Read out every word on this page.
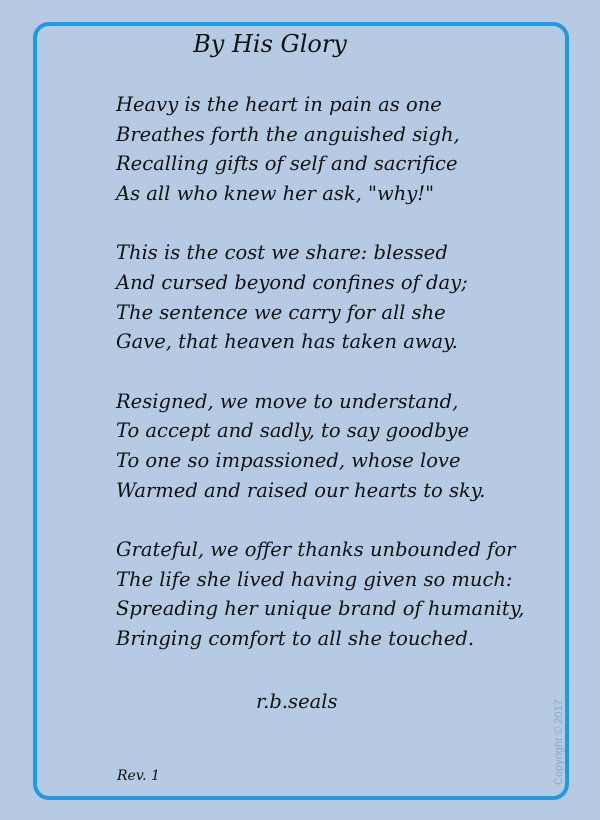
By His Glory
Heavy is the heart in pain as one
Breathes forth the anguished sigh,
Recalling gifts of self and sacrifice
As all who knew her ask, "why!"
This is the cost we share: blessed
And cursed beyond confines of day;
The sentence we carry for all she
Gave, that heaven has taken away.
Resigned, we move to understand,
To accept and sadly, to say goodbye
To one so impassioned, whose love
Warmed and raised our hearts to sky.
Grateful, we offer thanks unbounded for
The life she lived having given so much:
Spreading her unique brand of humanity,
Bringing comfort to all she touched.
r.b.seals
Rev. 1	Copyright © 2017
